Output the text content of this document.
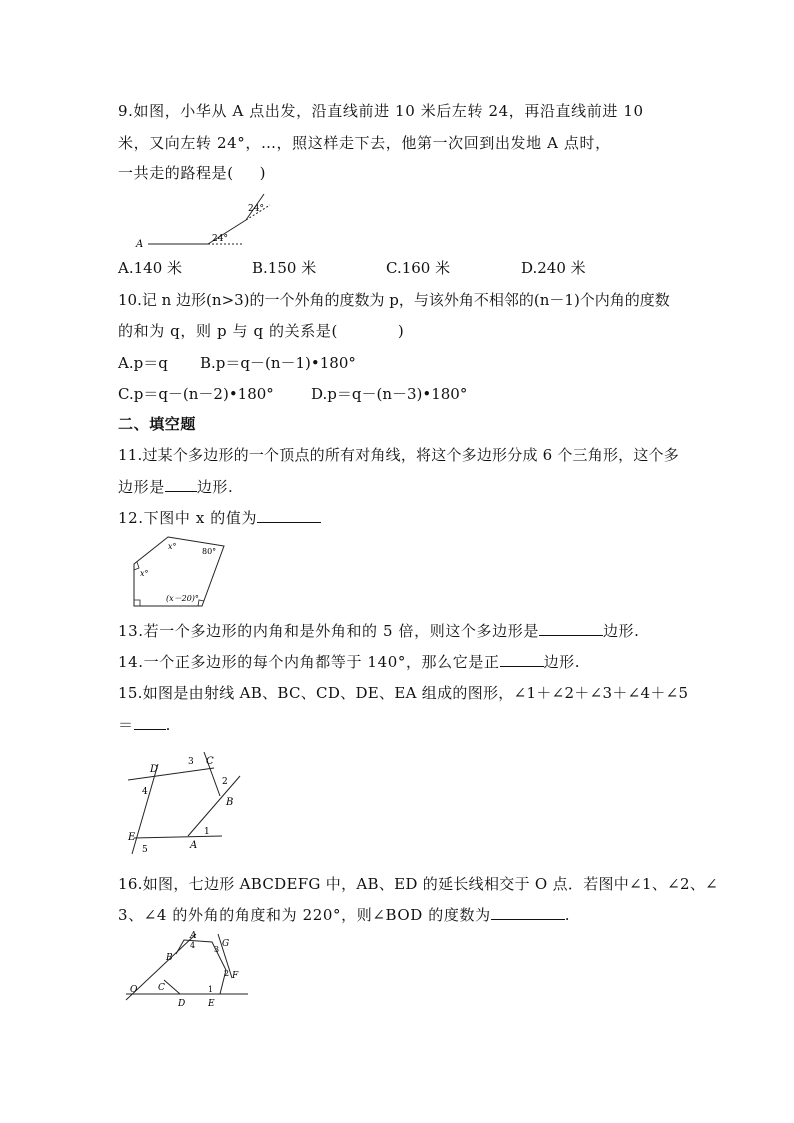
9.如图，小华从 A 点出发，沿直线前进 10 米后左转 24，再沿直线前进 10
米，又向左转 24°，…，照这样走下去，他第一次回到出发地 A 点时，
一共走的路程是( )
A	24°
24°
A.140 米	B.150 米	C.160 米	D.240 米
10.记 n 边形(n>3)的一个外角的度数为 p，与该外角不相邻的(n－1)个内角的度数
的和为 q，则 p 与 q 的关系是(	)
A.p＝q B.p＝q－(n－1)•180°
C.p＝q－(n－2)•180° D.p＝q－(n－3)•180°
二、填空题
11.过某个多边形的一个顶点的所有对角线，将这个多边形分成 6 个三角形，这个多
边形是 边形.
12.下图中 x 的值为
x°
80°
x°
(x－20)°
13.若一个多边形的内角和是外角和的 5 倍，则这个多边形是	边形.
14.一个正多边形的每个内角都等于 140°，那么它是正	边形.
15.如图是由射线 AB、BC、CD、DE、EA 组成的图形，∠1＋∠2＋∠3＋∠4＋∠5
＝ .
D
C
B
A
E	1
2
3
4
5
16.如图，七边形 ABCDEFG 中，AB、ED 的延长线相交于 O 点．若图中∠1、∠2、∠
3、∠4 的外角的角度和为 220°，则∠BOD 的度数为	.
A
G
B
C
D	E
F
O	1
2
3
4
